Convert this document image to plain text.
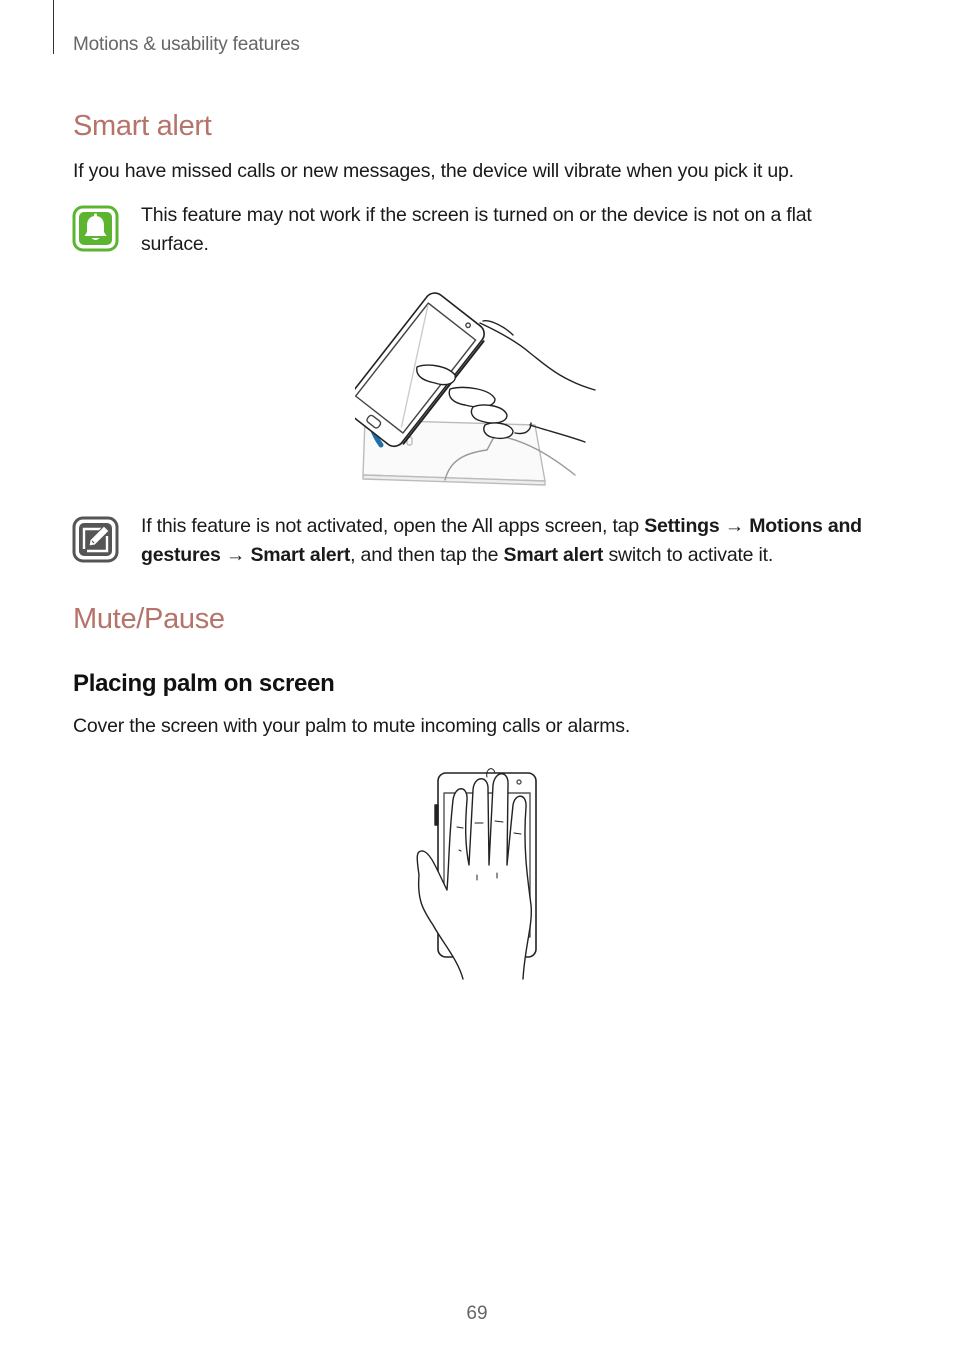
Motions & usability features
Smart alert

If you have missed calls or new messages, the device will vibrate when you pick it up.

This feature may not work if the screen is turned on or the device is not on a flat
surface.

If this feature is not activated, open the All apps screen, tap Settings → Motions and
gestures → Smart alert, and then tap the Smart alert switch to activate it.

Mute/Pause
Placing palm on screen

Cover the screen with your palm to mute incoming calls or alarms.

69
